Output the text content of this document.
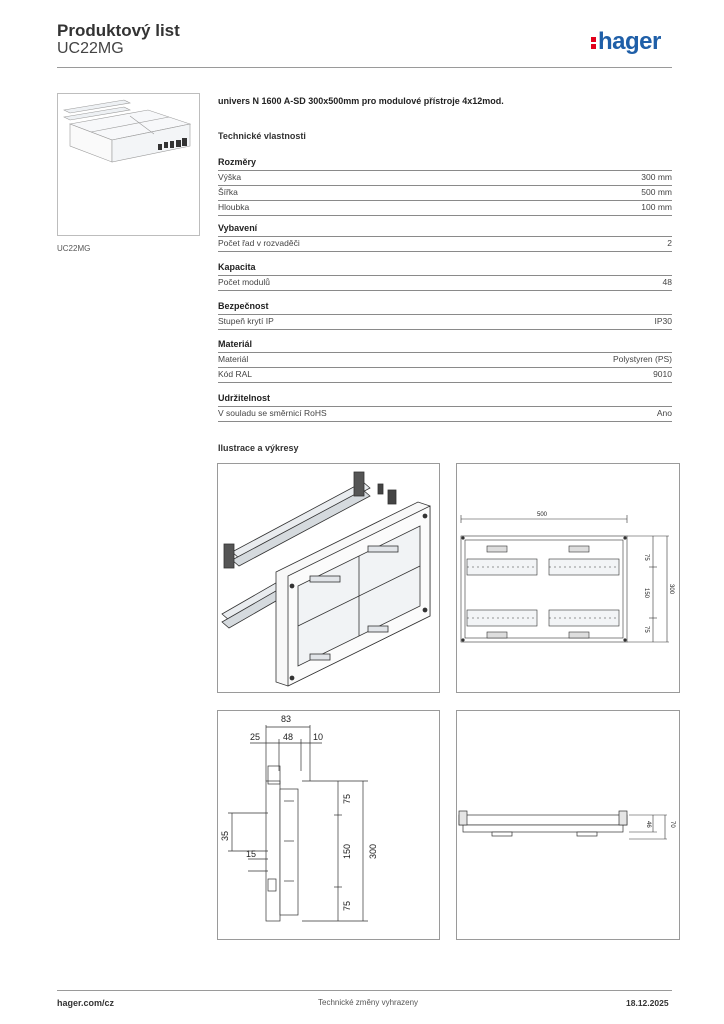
Produktový list
UC22MG	hager
UC22MG
univers N 1600 A-SD 300x500mm pro modulové přístroje 4x12mod.
Technické vlastnosti
Rozměry
Výška	300 mm
Šířka	500 mm
Hloubka	100 mm
Vybavení
Počet řad v rozvaděči	2
Kapacita
Počet modulů	48
Bezpečnost
Stupeň krytí IP	IP30
Materiál
Materiál	Polystyren (PS)
Kód RAL	9010
Udržitelnost
V souladu se směrnicí RoHS	Ano
Ilustrace a výkresy
500
75
150
75
300
83
25	48 10
35
15
75
150
75
300
46	70
hager.com/cz	Technické změny vyhrazeny	18.12.2025
